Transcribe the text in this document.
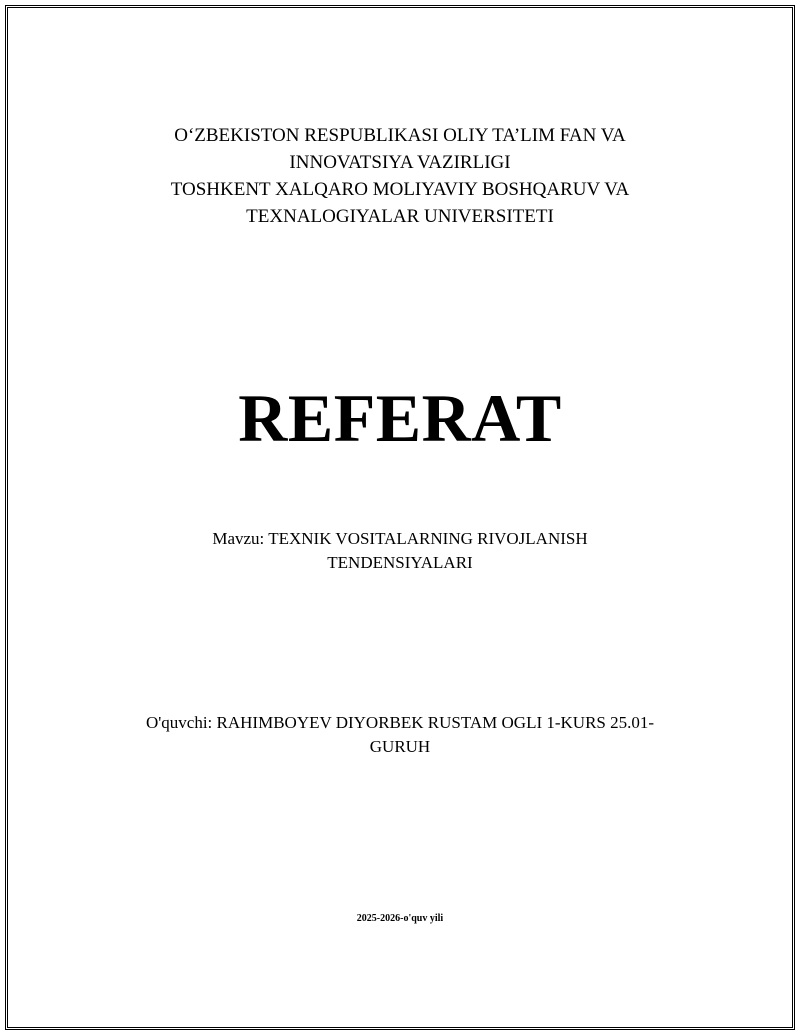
O‘ZBEKISTON RESPUBLIKASI OLIY TA’LIM FAN VA
INNOVATSIYA VAZIRLIGI
TOSHKENT XALQARO MOLIYAVIY BOSHQARUV VA
TEXNALOGIYALAR UNIVERSITETI
REFERAT
Mavzu: TEXNIK VOSITALARNING RIVOJLANISH
TENDENSIYALARI
O'quvchi: RAHIMBOYEV DIYORBEK RUSTAM OGLI 1-KURS 25.01-
GURUH
2025-2026-o'quv yili
